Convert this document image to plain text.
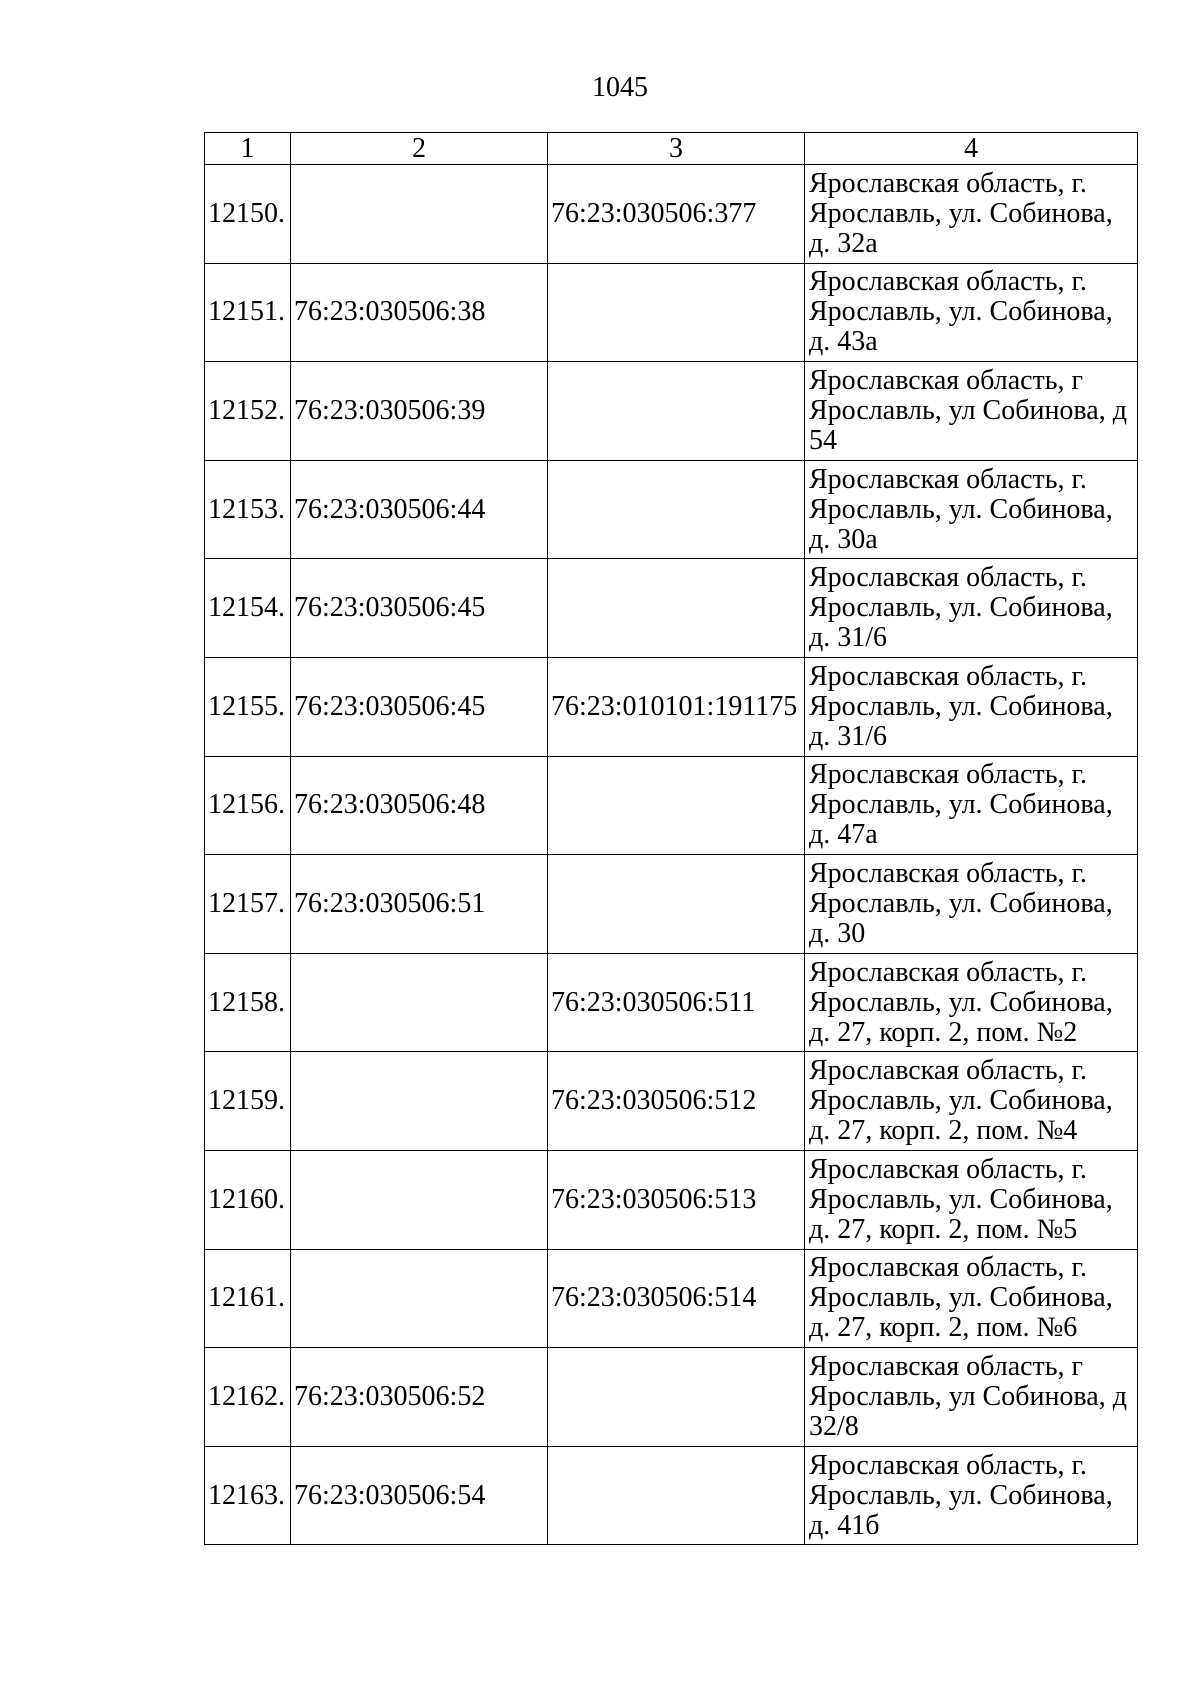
1045
1	2	3	4
12150.		76:23:030506:377	Ярославская область, г. Ярославль, ул. Собинова, д. 32а
12151.	76:23:030506:38		Ярославская область, г. Ярославль, ул. Собинова, д. 43а
12152.	76:23:030506:39		Ярославская область, г Ярославль, ул Собинова, д 54
12153.	76:23:030506:44		Ярославская область, г. Ярославль, ул. Собинова, д. 30а
12154.	76:23:030506:45		Ярославская область, г. Ярославль, ул. Собинова, д. 31/6
12155.	76:23:030506:45	76:23:010101:191175	Ярославская область, г. Ярославль, ул. Собинова, д. 31/6
12156.	76:23:030506:48		Ярославская область, г. Ярославль, ул. Собинова, д. 47а
12157.	76:23:030506:51		Ярославская область, г. Ярославль, ул. Собинова, д. 30
12158.		76:23:030506:511	Ярославская область, г. Ярославль, ул. Собинова, д. 27, корп. 2, пом. №2
12159.		76:23:030506:512	Ярославская область, г. Ярославль, ул. Собинова, д. 27, корп. 2, пом. №4
12160.		76:23:030506:513	Ярославская область, г. Ярославль, ул. Собинова, д. 27, корп. 2, пом. №5
12161.		76:23:030506:514	Ярославская область, г. Ярославль, ул. Собинова, д. 27, корп. 2, пом. №6
12162.	76:23:030506:52		Ярославская область, г Ярославль, ул Собинова, д 32/8
12163.	76:23:030506:54		Ярославская область, г. Ярославль, ул. Собинова, д. 41б
